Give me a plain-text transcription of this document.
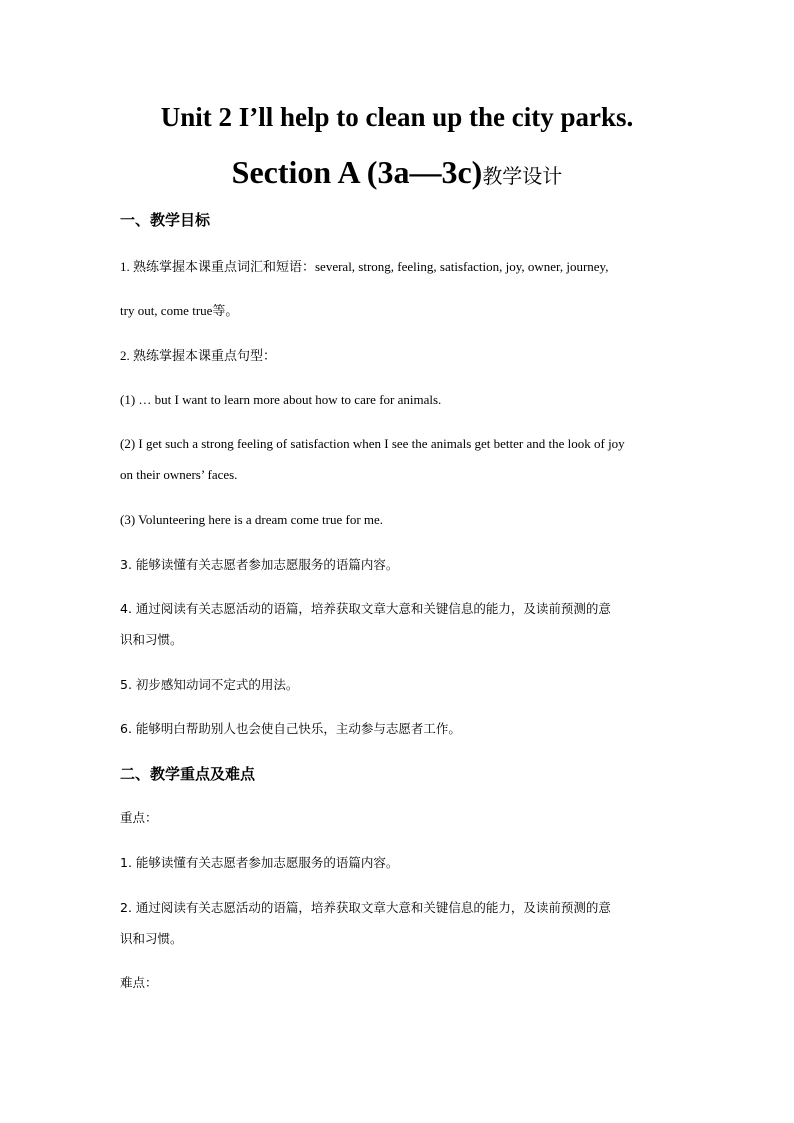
Unit 2 I’ll help to clean up the city parks.
Section A (3a—3c)教学设计
一、教学目标
1. 熟练掌握本课重点词汇和短语：several, strong, feeling, satisfaction, joy, owner, journey,
try out, come true等。
2. 熟练掌握本课重点句型：
(1) … but I want to learn more about how to care for animals.
(2) I get such a strong feeling of satisfaction when I see the animals get better and the look of joy
on their owners’ faces.
(3) Volunteering here is a dream come true for me.
3. 能够读懂有关志愿者参加志愿服务的语篇内容。
4. 通过阅读有关志愿活动的语篇，培养获取文章大意和关键信息的能力，及读前预测的意
识和习惯。
5. 初步感知动词不定式的用法。
6. 能够明白帮助别人也会使自己快乐，主动参与志愿者工作。
二、教学重点及难点
重点：
1. 能够读懂有关志愿者参加志愿服务的语篇内容。
2. 通过阅读有关志愿活动的语篇，培养获取文章大意和关键信息的能力，及读前预测的意
识和习惯。
难点：
